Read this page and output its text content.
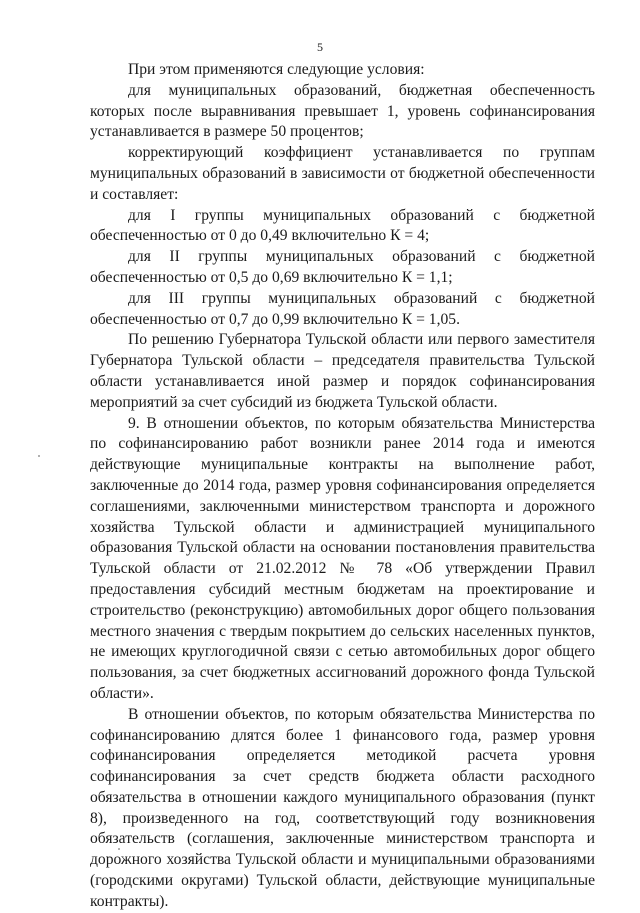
5

При этом применяются следующие условия:

для муниципальных образований, бюджетная обеспеченность которых после выравнивания превышает 1, уровень софинансирования устанавливается в размере 50 процентов;

корректирующий коэффициент устанавливается по группам муниципальных образований в зависимости от бюджетной обеспеченности и составляет:

для I группы муниципальных образований с бюджетной обеспеченностью от 0 до 0,49 включительно К = 4;

для II группы муниципальных образований с бюджетной обеспеченностью от 0,5 до 0,69 включительно К = 1,1;

для III группы муниципальных образований с бюджетной обеспеченностью от 0,7 до 0,99 включительно К = 1,05.

По решению Губернатора Тульской области или первого заместителя Губернатора Тульской области – председателя правительства Тульской области устанавливается иной размер и порядок софинансирования мероприятий за счет субсидий из бюджета Тульской области.

9. В отношении объектов, по которым обязательства Министерства по софинансированию работ возникли ранее 2014 года и имеются действующие муниципальные контракты на выполнение работ, заключенные до 2014 года, размер уровня софинансирования определяется соглашениями, заключенными министерством транспорта и дорожного хозяйства Тульской области и администрацией муниципального образования Тульской области на основании постановления правительства Тульской области от 21.02.2012 № 78 «Об утверждении Правил предоставления субсидий местным бюджетам на проектирование и строительство (реконструкцию) автомобильных дорог общего пользования местного значения с твердым покрытием до сельских населенных пунктов, не имеющих круглогодичной связи с сетью автомобильных дорог общего пользования, за счет бюджетных ассигнований дорожного фонда Тульской области».

В отношении объектов, по которым обязательства Министерства по софинансированию длятся более 1 финансового года, размер уровня софинансирования определяется методикой расчета уровня софинансирования за счет средств бюджета области расходного обязательства в отношении каждого муниципального образования (пункт 8), произведенного на год, соответствующий году возникновения обязательств (соглашения, заключенные министерством транспорта и дорожного хозяйства Тульской области и муниципальными образованиями (городскими округами) Тульской области, действующие муниципальные контракты).
